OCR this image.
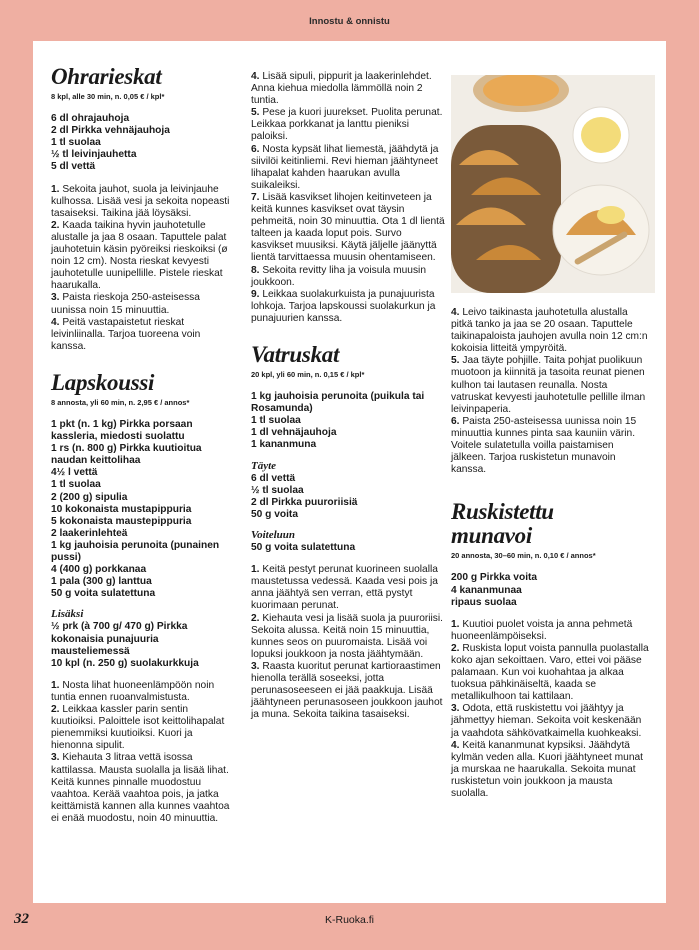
Innostu & onnistu
Ohrarieskat
8 kpl, alle 30 min, n. 0,05 € / kpl*
6 dl ohrajauhoja
2 dl Pirkka vehnäjauhoja
1 tl suolaa
½ tl leivinjauhetta
5 dl vettä
1. Sekoita jauhot, suola ja leivinjauhe kulhossa. Lisää vesi ja sekoita nopeasti tasaiseksi. Taikina jää löysäksi.
2. Kaada taikina hyvin jauhotetulle alustalle ja jaa 8 osaan. Taputtele palat jauhotetuin käsin pyöreiksi rieskoiksi (ø noin 12 cm). Nosta rieskat kevyesti jauhotetulle uunipellille. Pistele rieskat haarukalla.
3. Paista rieskoja 250-asteisessa uunissa noin 15 minuuttia.
4. Peitä vastapaistetut rieskat leivinliinalla. Tarjoa tuoreena voin kanssa.
Lapskoussi
8 annosta, yli 60 min, n. 2,95 € / annos*
1 pkt (n. 1 kg) Pirkka porsaan kassleria, miedosti suolattu
1 rs (n. 800 g) Pirkka kuutioitua naudan keittolihaa
4½ l vettä
1 tl suolaa
2 (200 g) sipulia
10 kokonaista mustapippuria
5 kokonaista maustepippuria
2 laakerinlehteä
1 kg jauhoisia perunoita (punainen pussi)
4 (400 g) porkkanaa
1 pala (300 g) lanttua
50 g voita sulatettuna
Lisäksi
½ prk (à 700 g/ 470 g) Pirkka kokonaisia punajuuria mausteliemessä
10 kpl (n. 250 g) suolakurkkuja
1. Nosta lihat huoneenlämpöön noin tuntia ennen ruoanvalmistusta.
2. Leikkaa kassler parin sentin kuutioiksi. Paloittele isot keittolihapalat pienemmiksi kuutioiksi. Kuori ja hienonna sipulit.
3. Kiehauta 3 litraa vettä isossa kattilassa. Mausta suolalla ja lisää lihat. Keitä kunnes pinnalle muodostuu vaahtoa. Kerää vaahtoa pois, ja jatka keittämistä kannen alla kunnes vaahtoa ei enää muodostu, noin 40 minuuttia.
4. Lisää sipuli, pippurit ja laakerinlehdet. Anna kiehua miedolla lämmöllä noin 2 tuntia.
5. Pese ja kuori juurekset. Puolita perunat. Leikkaa porkkanat ja lanttu pieniksi paloiksi.
6. Nosta kypsät lihat liemestä, jäähdytä ja siivilöi keitinliemi. Revi hieman jäähtyneet lihapalat kahden haarukan avulla suikaleiksi.
7. Lisää kasvikset lihojen keitinveteen ja keitä kunnes kasvikset ovat täysin pehmeitä, noin 30 minuuttia. Ota 1 dl lientä talteen ja kaada loput pois. Survo kasvikset muusiksi. Käytä jäljelle jäänyttä lientä tarvittaessa muusin ohentamiseen.
8. Sekoita revitty liha ja voisula muusin joukkoon.
9. Leikkaa suolakurkuista ja punajuurista lohkoja. Tarjoa lapskoussi suolakurkun ja punajuurien kanssa.
Vatruskat
20 kpl, yli 60 min, n. 0,15 € / kpl*
1 kg jauhoisia perunoita (puikula tai Rosamunda)
1 tl suolaa
1 dl vehnäjauhoja
1 kananmuna
Täyte
6 dl vettä
½ tl suolaa
2 dl Pirkka puuroriisiä
50 g voita
Voiteluun
50 g voita sulatettuna
1. Keitä pestyt perunat kuorineen suolalla maustetussa vedessä. Kaada vesi pois ja anna jäähtyä sen verran, että pystyt kuorimaan perunat.
2. Kiehauta vesi ja lisää suola ja puuroriisi. Sekoita alussa. Keitä noin 15 minuuttia, kunnes seos on puuromaista. Lisää voi lopuksi joukkoon ja nosta jäähtymään.
3. Raasta kuoritut perunat kartioraastimen hienolla terällä soseeksi, jotta perunasoseeseen ei jää paakkuja. Lisää jäähtyneen perunasoseen joukkoon jauhot ja muna. Sekoita taikina tasaiseksi.
4. Leivo taikinasta jauhotetulla alustalla pitkä tanko ja jaa se 20 osaan. Taputtele taikinapaloista jauhojen avulla noin 12 cm:n kokoisia litteitä ympyröitä.
5. Jaa täyte pohjille. Taita pohjat puolikuun muotoon ja kiinnitä ja tasoita reunat pienen kulhon tai lautasen reunalla. Nosta vatruskat kevyesti jauhotetulle pellille ilman leivinpaperia.
6. Paista 250-asteisessa uunissa noin 15 minuuttia kunnes pinta saa kauniin värin. Voitele sulatetulla voilla paistamisen jälkeen. Tarjoa ruskistetun munavoin kanssa.
Ruskistettu munavoi
20 annosta, 30–60 min, n. 0,10 € / annos*
200 g Pirkka voita
4 kananmunaa
ripaus suolaa
1. Kuutioi puolet voista ja anna pehmetä huoneenlämpöiseksi.
2. Ruskista loput voista pannulla puolastalla koko ajan sekoittaen. Varo, ettei voi pääse palamaan. Kun voi kuohahtaa ja alkaa tuoksua pähkinäiseltä, kaada se metallikulhoon tai kattilaan.
3. Odota, että ruskistettu voi jäähtyy ja jähmettyy hieman. Sekoita voit keskenään ja vaahdota sähkövatkaimella kuohkeaksi.
4. Keitä kananmunat kypsiksi. Jäähdytä kylmän veden alla. Kuori jäähtyneet munat ja murskaa ne haarukalla. Sekoita munat ruskistetun voin joukkoon ja mausta suolalla.
32	K-Ruoka.fi
